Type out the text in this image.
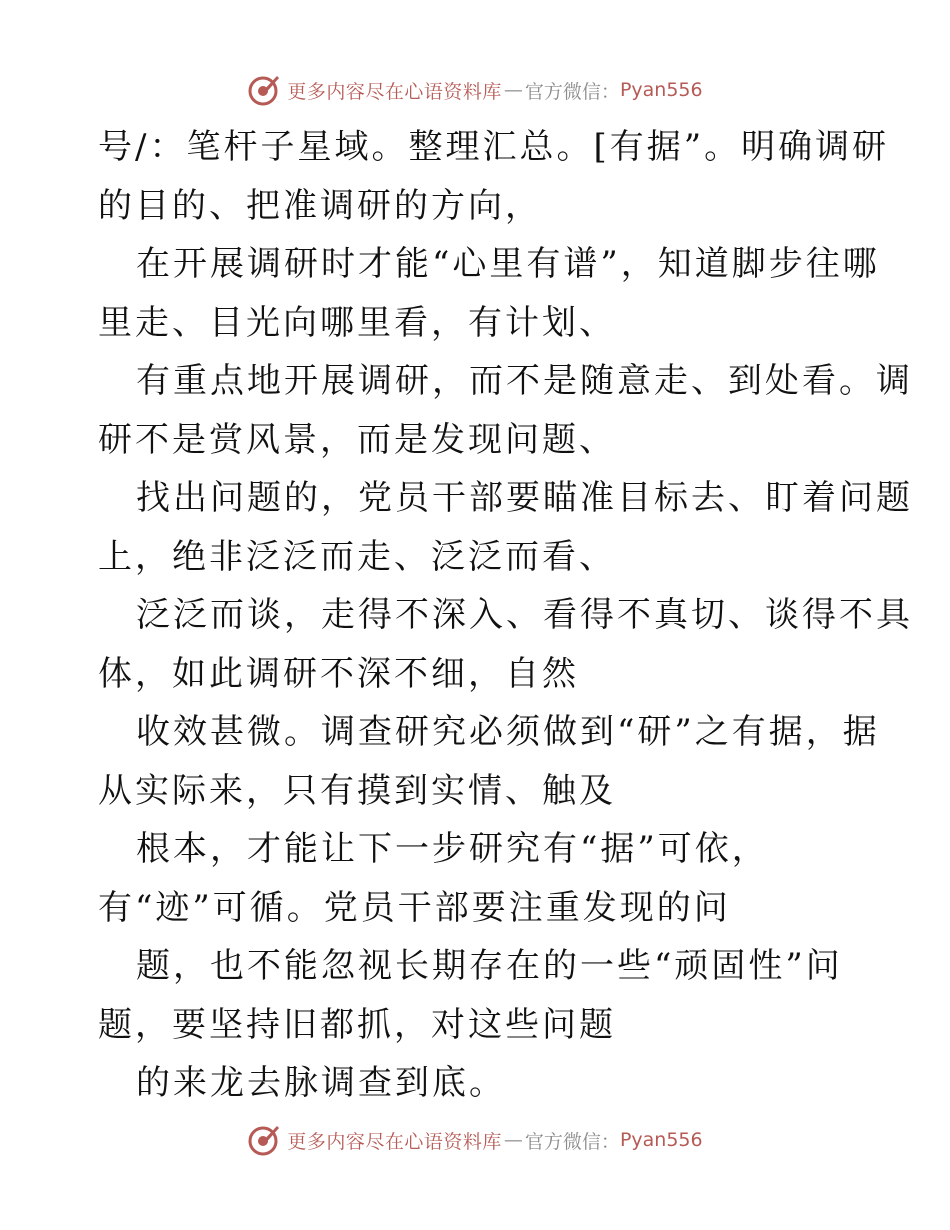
更多内容尽在心语资料库 — 官方微信： Pyan556
号/：笔杆子星域。整理汇总。[有据”。明确调研
的目的、把准调研的方向，
在开展调研时才能“心里有谱”，知道脚步往哪
里走、目光向哪里看，有计划、
有重点地开展调研，而不是随意走、到处看。调
研不是赏风景，而是发现问题、
找出问题的，党员干部要瞄准目标去、盯着问题
上，绝非泛泛而走、泛泛而看、
泛泛而谈，走得不深入、看得不真切、谈得不具
体，如此调研不深不细，自然
收效甚微。调查研究必须做到“研”之有据，据
从实际来，只有摸到实情、触及
根本，才能让下一步研究有“据”可依，
有“迹”可循。党员干部要注重发现的问
题，也不能忽视长期存在的一些“顽固性”问
题，要坚持旧都抓，对这些问题
的来龙去脉调查到底。
更多内容尽在心语资料库 — 官方微信： Pyan556
